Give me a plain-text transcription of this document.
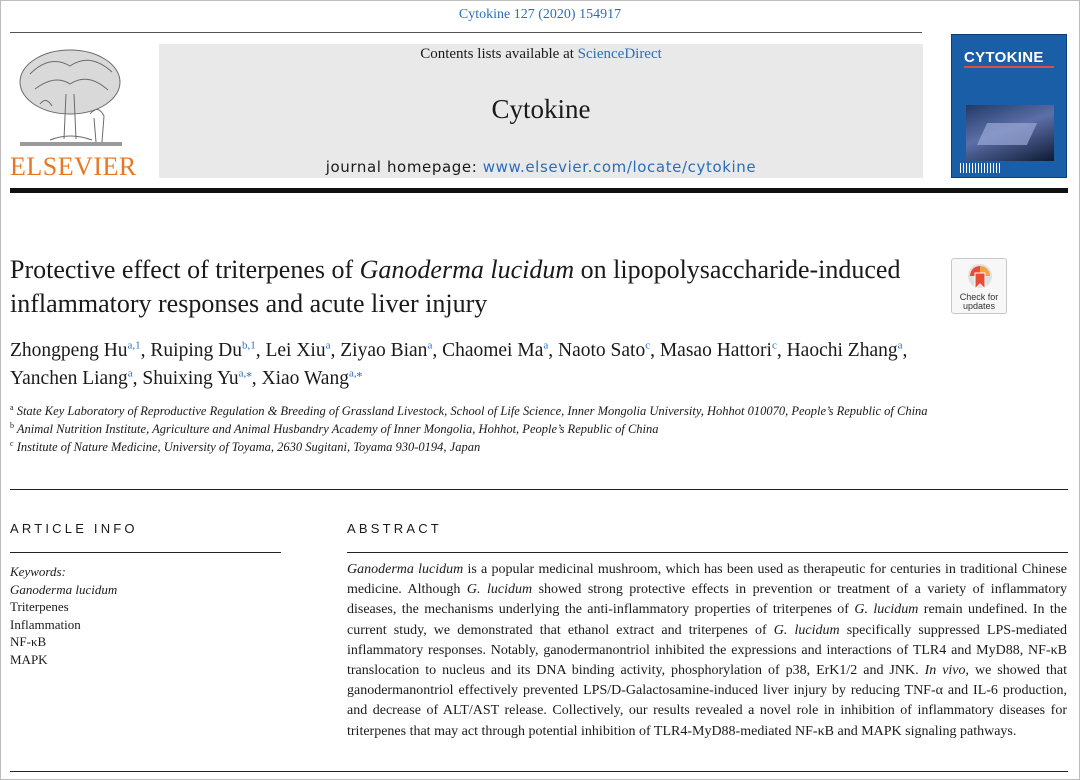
Cytokine 127 (2020) 154917
ELSEVIER
Contents lists available at ScienceDirect
Cytokine
journal homepage: www.elsevier.com/locate/cytokine
CYTOKINE
Protective effect of triterpenes of Ganoderma lucidum on lipopolysaccharide-induced inflammatory responses and acute liver injury	Check for
updates
Zhongpeng Hu$^{a,1}$, Ruiping Du$^{b,1}$, Lei Xiu$^a$, Ziyao Bian$^a$, Chaomei Ma$^a$, Naoto Sato$^c$, Masao Hattori$^c$, Haochi Zhang$^a$, Yanchen Liang$^a$, Shuixing $Yu^{a,⁎}$, Xiao Wang$^{a,⁎}$
$^a$ State Key Laboratory of Reproductive Regulation & Breeding of Grassland Livestock, School of Life Science, Inner Mongolia University, Hohhot 010070, People’s Republic of China
$^b$ Animal Nutrition Institute, Agriculture and Animal Husbandry Academy of Inner Mongolia, Hohhot, People’s Republic of China
$^c$ Institute of Nature Medicine, University of Toyama, 2630 Sugitani, Toyama 930-0194, Japan
ARTICLE INFO	ABSTRACT
Keywords:
Ganoderma lucidum
Triterpenes
Inflammation
NF-κB
MAPK
Ganoderma lucidum is a popular medicinal mushroom, which has been used as therapeutic for centuries in traditional Chinese medicine. Although G. lucidum showed strong protective effects in prevention or treatment of a variety of inflammatory diseases, the mechanisms underlying the anti-inflammatory properties of triterpenes of G. lucidum remain undefined. In the current study, we demonstrated that ethanol extract and triterpenes of G. lucidum specifically suppressed LPS-mediated inflammatory responses. Notably, ganodermanontriol inhibited the expressions and interactions of TLR4 and MyD88, NF-κB translocation to nucleus and its DNA binding activity, phosphorylation of p38, ErK1/2 and JNK. In vivo, we showed that ganodermanontriol effectively prevented LPS/D-Galactosamine-induced liver injury by reducing TNF-α and IL-6 production, and decrease of ALT/AST release. Collectively, our results revealed a novel role in inhibition of inflammatory diseases for triterpenes that may act through potential inhibition of TLR4-MyD88-mediated NF-κB and MAPK signaling pathways.
